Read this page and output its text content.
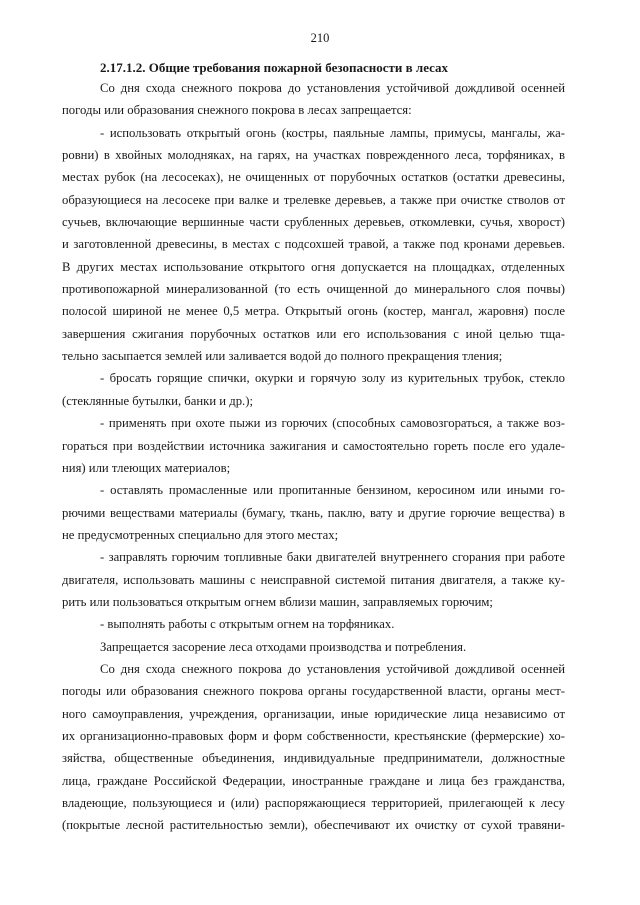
210
2.17.1.2. Общие требования пожарной безопасности в лесах
Со дня схода снежного покрова до установления устойчивой дождливой осенней
погоды или образования снежного покрова в лесах запрещается:
- использовать открытый огонь (костры, паяльные лампы, примусы, мангалы, жа-
ровни) в хвойных молодняках, на гарях, на участках поврежденного леса, торфяниках, в
местах рубок (на лесосеках), не очищенных от порубочных остатков (остатки древесины,
образующиеся на лесосеке при валке и трелевке деревьев, а также при очистке стволов от
сучьев, включающие вершинные части срубленных деревьев, откомлевки, сучья, хворост)
и заготовленной древесины, в местах с подсохшей травой, а также под кронами деревьев.
В других местах использование открытого огня допускается на площадках, отделенных
противопожарной минерализованной (то есть очищенной до минерального слоя почвы)
полосой шириной не менее 0,5 метра. Открытый огонь (костер, мангал, жаровня) после
завершения сжигания порубочных остатков или его использования с иной целью тща-
тельно засыпается землей или заливается водой до полного прекращения тления;
- бросать горящие спички, окурки и горячую золу из курительных трубок, стекло
(стеклянные бутылки, банки и др.);
- применять при охоте пыжи из горючих (способных самовозгораться, а также воз-
гораться при воздействии источника зажигания и самостоятельно гореть после его удале-
ния) или тлеющих материалов;
- оставлять промасленные или пропитанные бензином, керосином или иными го-
рючими веществами материалы (бумагу, ткань, паклю, вату и другие горючие вещества) в
не предусмотренных специально для этого местах;
- заправлять горючим топливные баки двигателей внутреннего сгорания при работе
двигателя, использовать машины с неисправной системой питания двигателя, а также ку-
рить или пользоваться открытым огнем вблизи машин, заправляемых горючим;
- выполнять работы с открытым огнем на торфяниках.
Запрещается засорение леса отходами производства и потребления.
Со дня схода снежного покрова до установления устойчивой дождливой осенней
погоды или образования снежного покрова органы государственной власти, органы мест-
ного самоуправления, учреждения, организации, иные юридические лица независимо от
их организационно-правовых форм и форм собственности, крестьянские (фермерские) хо-
зяйства, общественные объединения, индивидуальные предприниматели, должностные
лица, граждане Российской Федерации, иностранные граждане и лица без гражданства,
владеющие, пользующиеся и (или) распоряжающиеся территорией, прилегающей к лесу
(покрытые лесной растительностью земли), обеспечивают их очистку от сухой травяни-
